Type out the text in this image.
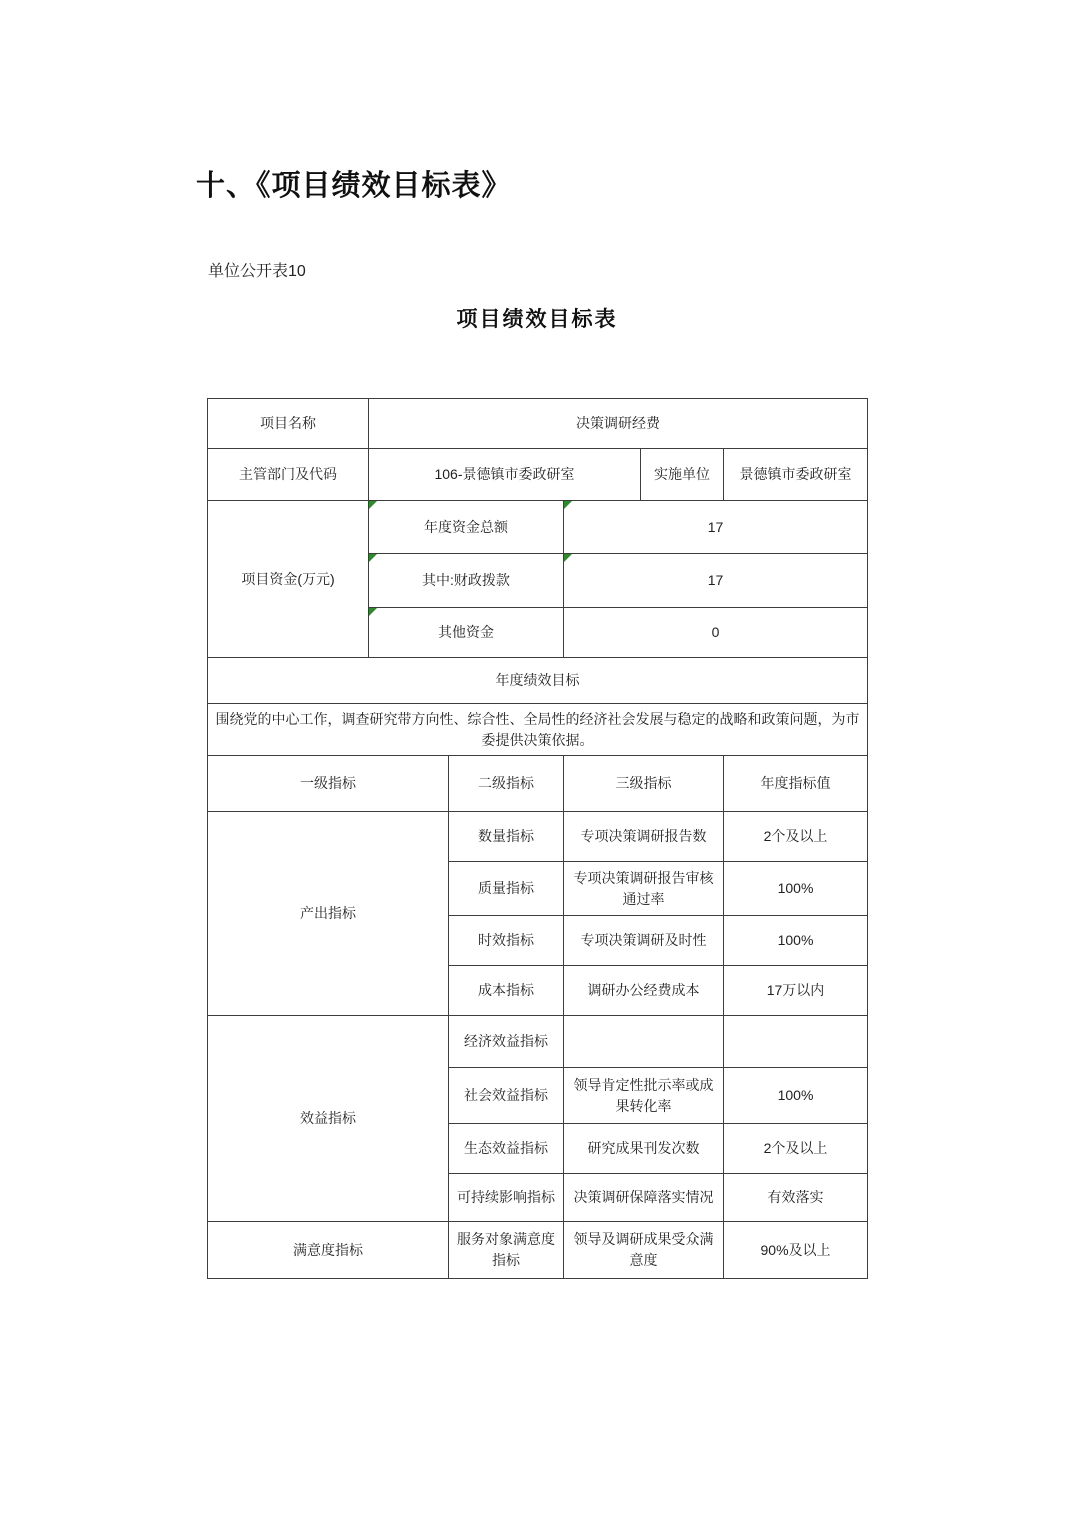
十、《项目绩效目标表》
单位公开表10
项目绩效目标表
项目名称	决策调研经费				
主管部门及代码	106-景德镇市委政研室			实施单位	景德镇市委政研室
项目资金(万元)	年度资金总额		17		

其中:财政拨款		17		

其他资金		0		
年度绩效目标					
围绕党的中心工作，调查研究带方向性、综合性、全局性的经济社会发展与稳定的战略和政策问题，为市委提供决策依据。					
一级指标		二级指标	三级指标		年度指标值
产出指标		数量指标	专项决策调研报告数		2个及以上
		质量指标	专项决策调研报告审核通过率		100%
		时效指标	专项决策调研及时性		100%
		成本指标	调研办公经费成本		17万以内
效益指标		经济效益指标			
		社会效益指标	领导肯定性批示率或成果转化率		100%
		生态效益指标	研究成果刊发次数		2个及以上
		可持续影响指标	决策调研保障落实情况		有效落实
满意度指标		服务对象满意度指标	领导及调研成果受众满意度		90%及以上
